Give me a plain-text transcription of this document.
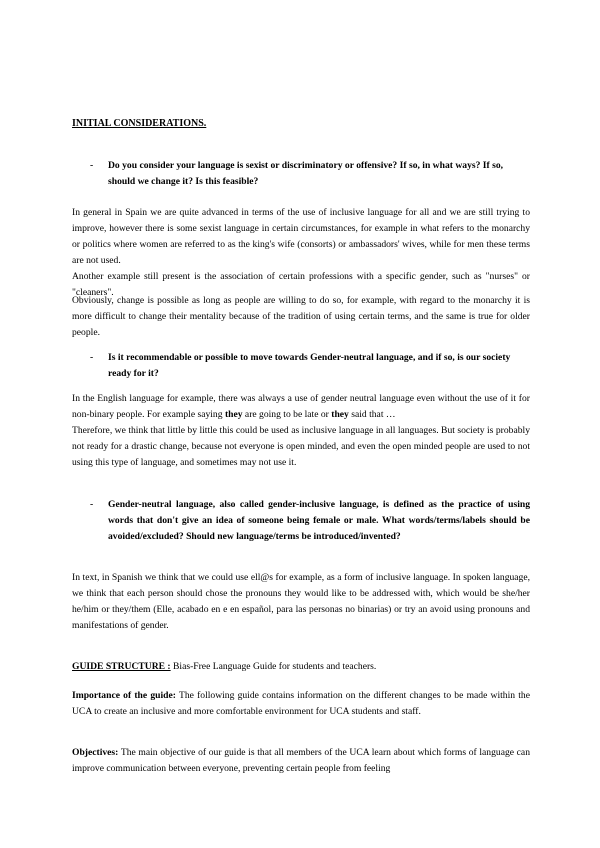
INITIAL CONSIDERATIONS.

- Do you consider your language is sexist or discriminatory or offensive? If so, in what ways? If so, should we change it? Is this feasible?

In general in Spain we are quite advanced in terms of the use of inclusive language for all and we are still trying to improve, however there is some sexist language in certain circumstances, for example in what refers to the monarchy or politics where women are referred to as the king's wife (consorts) or ambassadors' wives, while for men these terms are not used.

Another example still present is the association of certain professions with a specific gender, such as "nurses" or "cleaners".

Obviously, change is possible as long as people are willing to do so, for example, with regard to the monarchy it is more difficult to change their mentality because of the tradition of using certain terms, and the same is true for older people.

- Is it recommendable or possible to move towards Gender-neutral language, and if so, is our society ready for it?

In the English language for example, there was always a use of gender neutral language even without the use of it for non-binary people. For example saying they are going to be late or they said that …

Therefore, we think that little by little this could be used as inclusive language in all languages. But society is probably not ready for a drastic change, because not everyone is open minded, and even the open minded people are used to not using this type of language, and sometimes may not use it.

- Gender-neutral language, also called gender-inclusive language, is defined as the practice of using words that don't give an idea of someone being female or male. What words/terms/labels should be avoided/excluded? Should new language/terms be introduced/invented?

In text, in Spanish we think that we could use ell@s for example, as a form of inclusive language. In spoken language, we think that each person should chose the pronouns they would like to be addressed with, which would be she/her he/him or they/them (Elle, acabado en e en español, para las personas no binarias) or try an avoid using pronouns and manifestations of gender.

GUIDE STRUCTURE : Bias-Free Language Guide for students and teachers.

Importance of the guide: The following guide contains information on the different changes to be made within the UCA to create an inclusive and more comfortable environment for UCA students and staff.

Objectives: The main objective of our guide is that all members of the UCA learn about which forms of language can improve communication between everyone, preventing certain people from feeling
